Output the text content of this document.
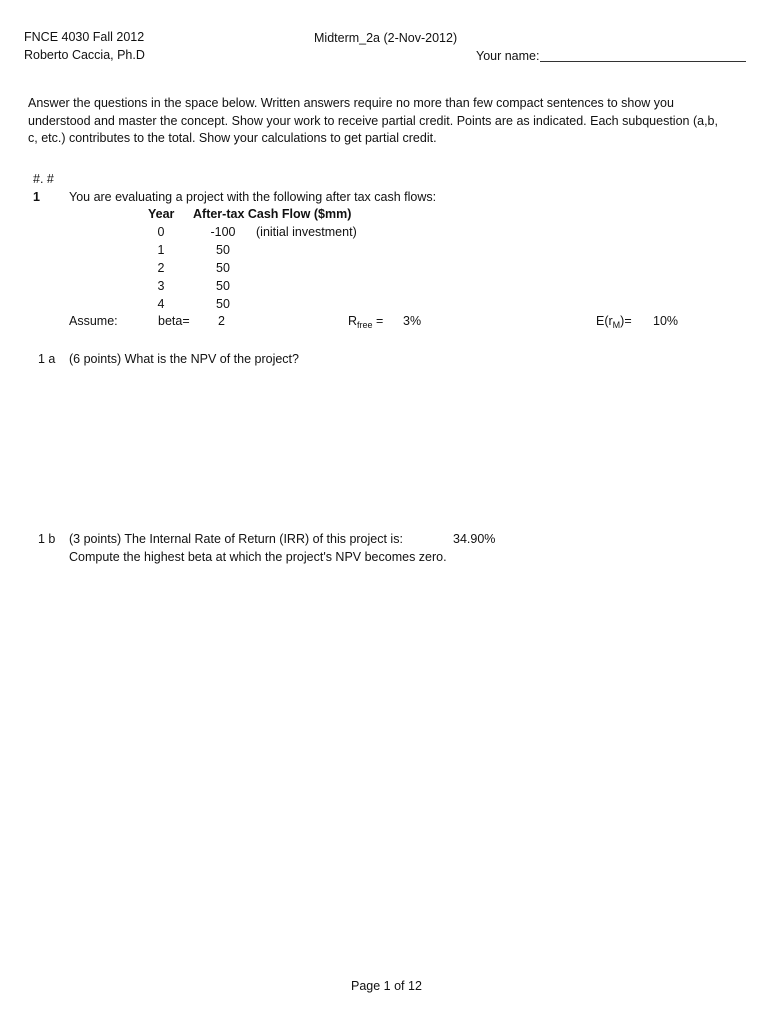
FNCE 4030 Fall 2012
Roberto Caccia, Ph.D
Midterm_2a (2-Nov-2012)
Your name:
Answer the questions in the space below. Written answers require no more than few compact sentences to show you understood and master the concept. Show your work to receive partial credit. Points are as indicated. Each subquestion (a,b, c, etc.) contributes to the total. Show your calculations to get partial credit.
#. #
1 You are evaluating a project with the following after tax cash flows:
Year After-tax Cash Flow ($mm)
0	-100 (initial investment)
1	50
2	50
3	50
4	50
Assume:	beta= 2	$R_{free} = 3\%$	$E(r_M)= 10\%$
1 a (6 points) What is the NPV of the project?
1 b (3 points) The Internal Rate of Return (IRR) of this project is:	34.90%
Compute the highest beta at which the project's NPV becomes zero.
Page 1 of 12
